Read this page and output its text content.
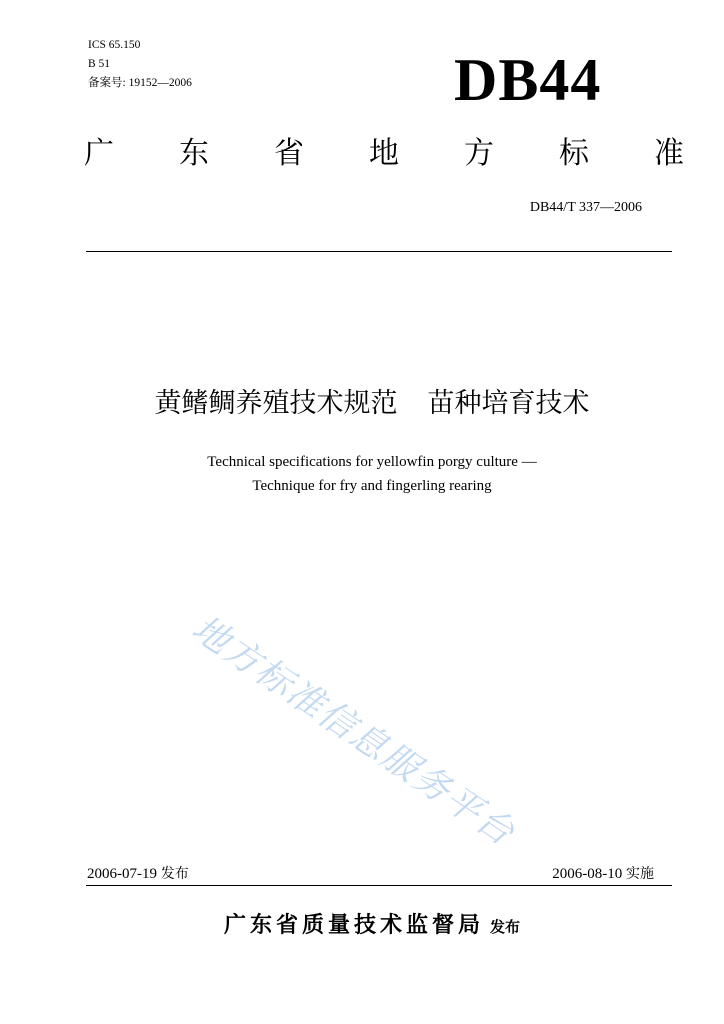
ICS 65.150
B 51
备案号: 19152—2006	DB44
广 东 省 地 方 标 准
DB44/T 337—2006
黄鳍鲷养殖技术规范 苗种培育技术
Technical specifications for yellowfin porgy culture —
Technique for fry and fingerling rearing
地方标准信息服务平台
2006-07-19 发布	2006-08-10 实施
广东省质量技术监督局 发布
